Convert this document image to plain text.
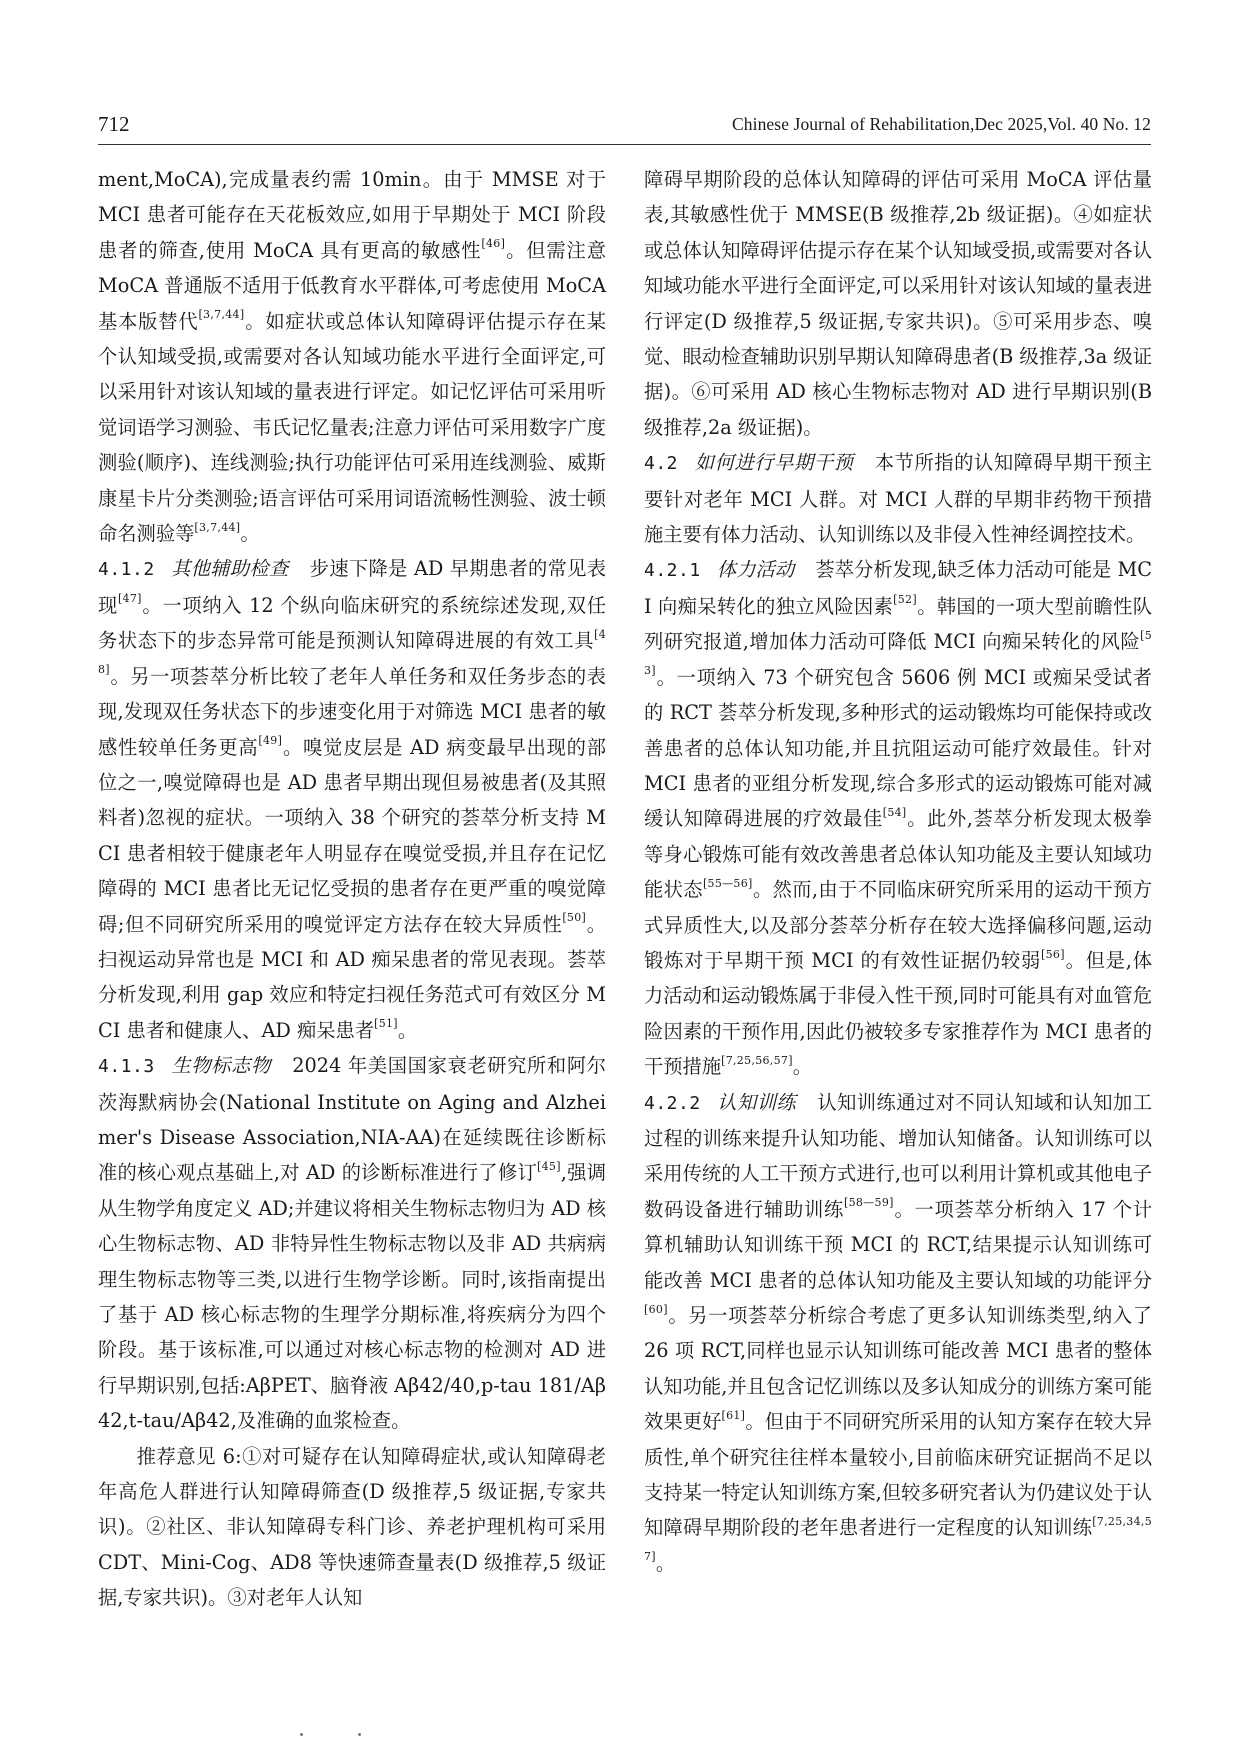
712	Chinese Journal of Rehabilitation,Dec 2025,Vol. 40 No. 12

ment,MoCA),完成量表约需 10min。由于 MMSE 对于 MCI 患者可能存在天花板效应,如用于早期处于 MCI 阶段患者的筛查,使用 MoCA 具有更高的敏感性[46]。但需注意 MoCA 普通版不适用于低教育水平群体,可考虑使用 MoCA 基本版替代[3,7,44]。如症状或总体认知障碍评估提示存在某个认知域受损,或需要对各认知域功能水平进行全面评定,可以采用针对该认知域的量表进行评定。如记忆评估可采用听觉词语学习测验、韦氏记忆量表;注意力评估可采用数字广度测验(顺序)、连线测验;执行功能评估可采用连线测验、威斯康星卡片分类测验;语言评估可采用词语流畅性测验、波士顿命名测验等[3,7,44]。

4.1.2 其他辅助检查 步速下降是 AD 早期患者的常见表现[47]。一项纳入 12 个纵向临床研究的系统综述发现,双任务状态下的步态异常可能是预测认知障碍进展的有效工具[48]。另一项荟萃分析比较了老年人单任务和双任务步态的表现,发现双任务状态下的步速变化用于对筛选 MCI 患者的敏感性较单任务更高[49]。嗅觉皮层是 AD 病变最早出现的部位之一,嗅觉障碍也是 AD 患者早期出现但易被患者(及其照料者)忽视的症状。一项纳入 38 个研究的荟萃分析支持 MCI 患者相较于健康老年人明显存在嗅觉受损,并且存在记忆障碍的 MCI 患者比无记忆受损的患者存在更严重的嗅觉障碍;但不同研究所采用的嗅觉评定方法存在较大异质性[50]。扫视运动异常也是 MCI 和 AD 痴呆患者的常见表现。荟萃分析发现,利用 gap 效应和特定扫视任务范式可有效区分 MCI 患者和健康人、AD 痴呆患者[51]。

4.1.3 生物标志物 2024 年美国国家衰老研究所和阿尔茨海默病协会(National Institute on Aging and Alzheimer's Disease Association,NIA-AA)在延续既往诊断标准的核心观点基础上,对 AD 的诊断标准进行了修订[45],强调从生物学角度定义 AD;并建议将相关生物标志物归为 AD 核心生物标志物、AD 非特异性生物标志物以及非 AD 共病病理生物标志物等三类,以进行生物学诊断。同时,该指南提出了基于 AD 核心标志物的生理学分期标准,将疾病分为四个阶段。基于该标准,可以通过对核心标志物的检测对 AD 进行早期识别,包括:AβPET、脑脊液 Aβ42/40,p-tau 181/Aβ42,t-tau/Aβ42,及准确的血浆检查。

推荐意见 6:①对可疑存在认知障碍症状,或认知障碍老年高危人群进行认知障碍筛查(D 级推荐,5 级证据,专家共识)。②社区、非认知障碍专科门诊、养老护理机构可采用 CDT、Mini-Cog、AD8 等快速筛查量表(D 级推荐,5 级证据,专家共识)。③对老年人认知

障碍早期阶段的总体认知障碍的评估可采用 MoCA 评估量表,其敏感性优于 MMSE(B 级推荐,2b 级证据)。④如症状或总体认知障碍评估提示存在某个认知域受损,或需要对各认知域功能水平进行全面评定,可以采用针对该认知域的量表进行评定(D 级推荐,5 级证据,专家共识)。⑤可采用步态、嗅觉、眼动检查辅助识别早期认知障碍患者(B 级推荐,3a 级证据)。⑥可采用 AD 核心生物标志物对 AD 进行早期识别(B 级推荐,2a 级证据)。

4.2 如何进行早期干预 本节所指的认知障碍早期干预主要针对老年 MCI 人群。对 MCI 人群的早期非药物干预措施主要有体力活动、认知训练以及非侵入性神经调控技术。

4.2.1 体力活动 荟萃分析发现,缺乏体力活动可能是 MCI 向痴呆转化的独立风险因素[52]。韩国的一项大型前瞻性队列研究报道,增加体力活动可降低 MCI 向痴呆转化的风险[53]。一项纳入 73 个研究包含 5606 例 MCI 或痴呆受试者的 RCT 荟萃分析发现,多种形式的运动锻炼均可能保持或改善患者的总体认知功能,并且抗阻运动可能疗效最佳。针对 MCI 患者的亚组分析发现,综合多形式的运动锻炼可能对减缓认知障碍进展的疗效最佳[54]。此外,荟萃分析发现太极拳等身心锻炼可能有效改善患者总体认知功能及主要认知域功能状态[55—56]。然而,由于不同临床研究所采用的运动干预方式异质性大,以及部分荟萃分析存在较大选择偏移问题,运动锻炼对于早期干预 MCI 的有效性证据仍较弱[56]。但是,体力活动和运动锻炼属于非侵入性干预,同时可能具有对血管危险因素的干预作用,因此仍被较多专家推荐作为 MCI 患者的干预措施[7,25,56,57]。

4.2.2 认知训练 认知训练通过对不同认知域和认知加工过程的训练来提升认知功能、增加认知储备。认知训练可以采用传统的人工干预方式进行,也可以利用计算机或其他电子数码设备进行辅助训练[58—59]。一项荟萃分析纳入 17 个计算机辅助认知训练干预 MCI 的 RCT,结果提示认知训练可能改善 MCI 患者的总体认知功能及主要认知域的功能评分[60]。另一项荟萃分析综合考虑了更多认知训练类型,纳入了 26 项 RCT,同样也显示认知训练可能改善 MCI 患者的整体认知功能,并且包含记忆训练以及多认知成分的训练方案可能效果更好[61]。但由于不同研究所采用的认知方案存在较大异质性,单个研究往往样本量较小,目前临床研究证据尚不足以支持某一特定认知训练方案,但较多研究者认为仍建议处于认知障碍早期阶段的老年患者进行一定程度的认知训练[7,25,34,57]。
